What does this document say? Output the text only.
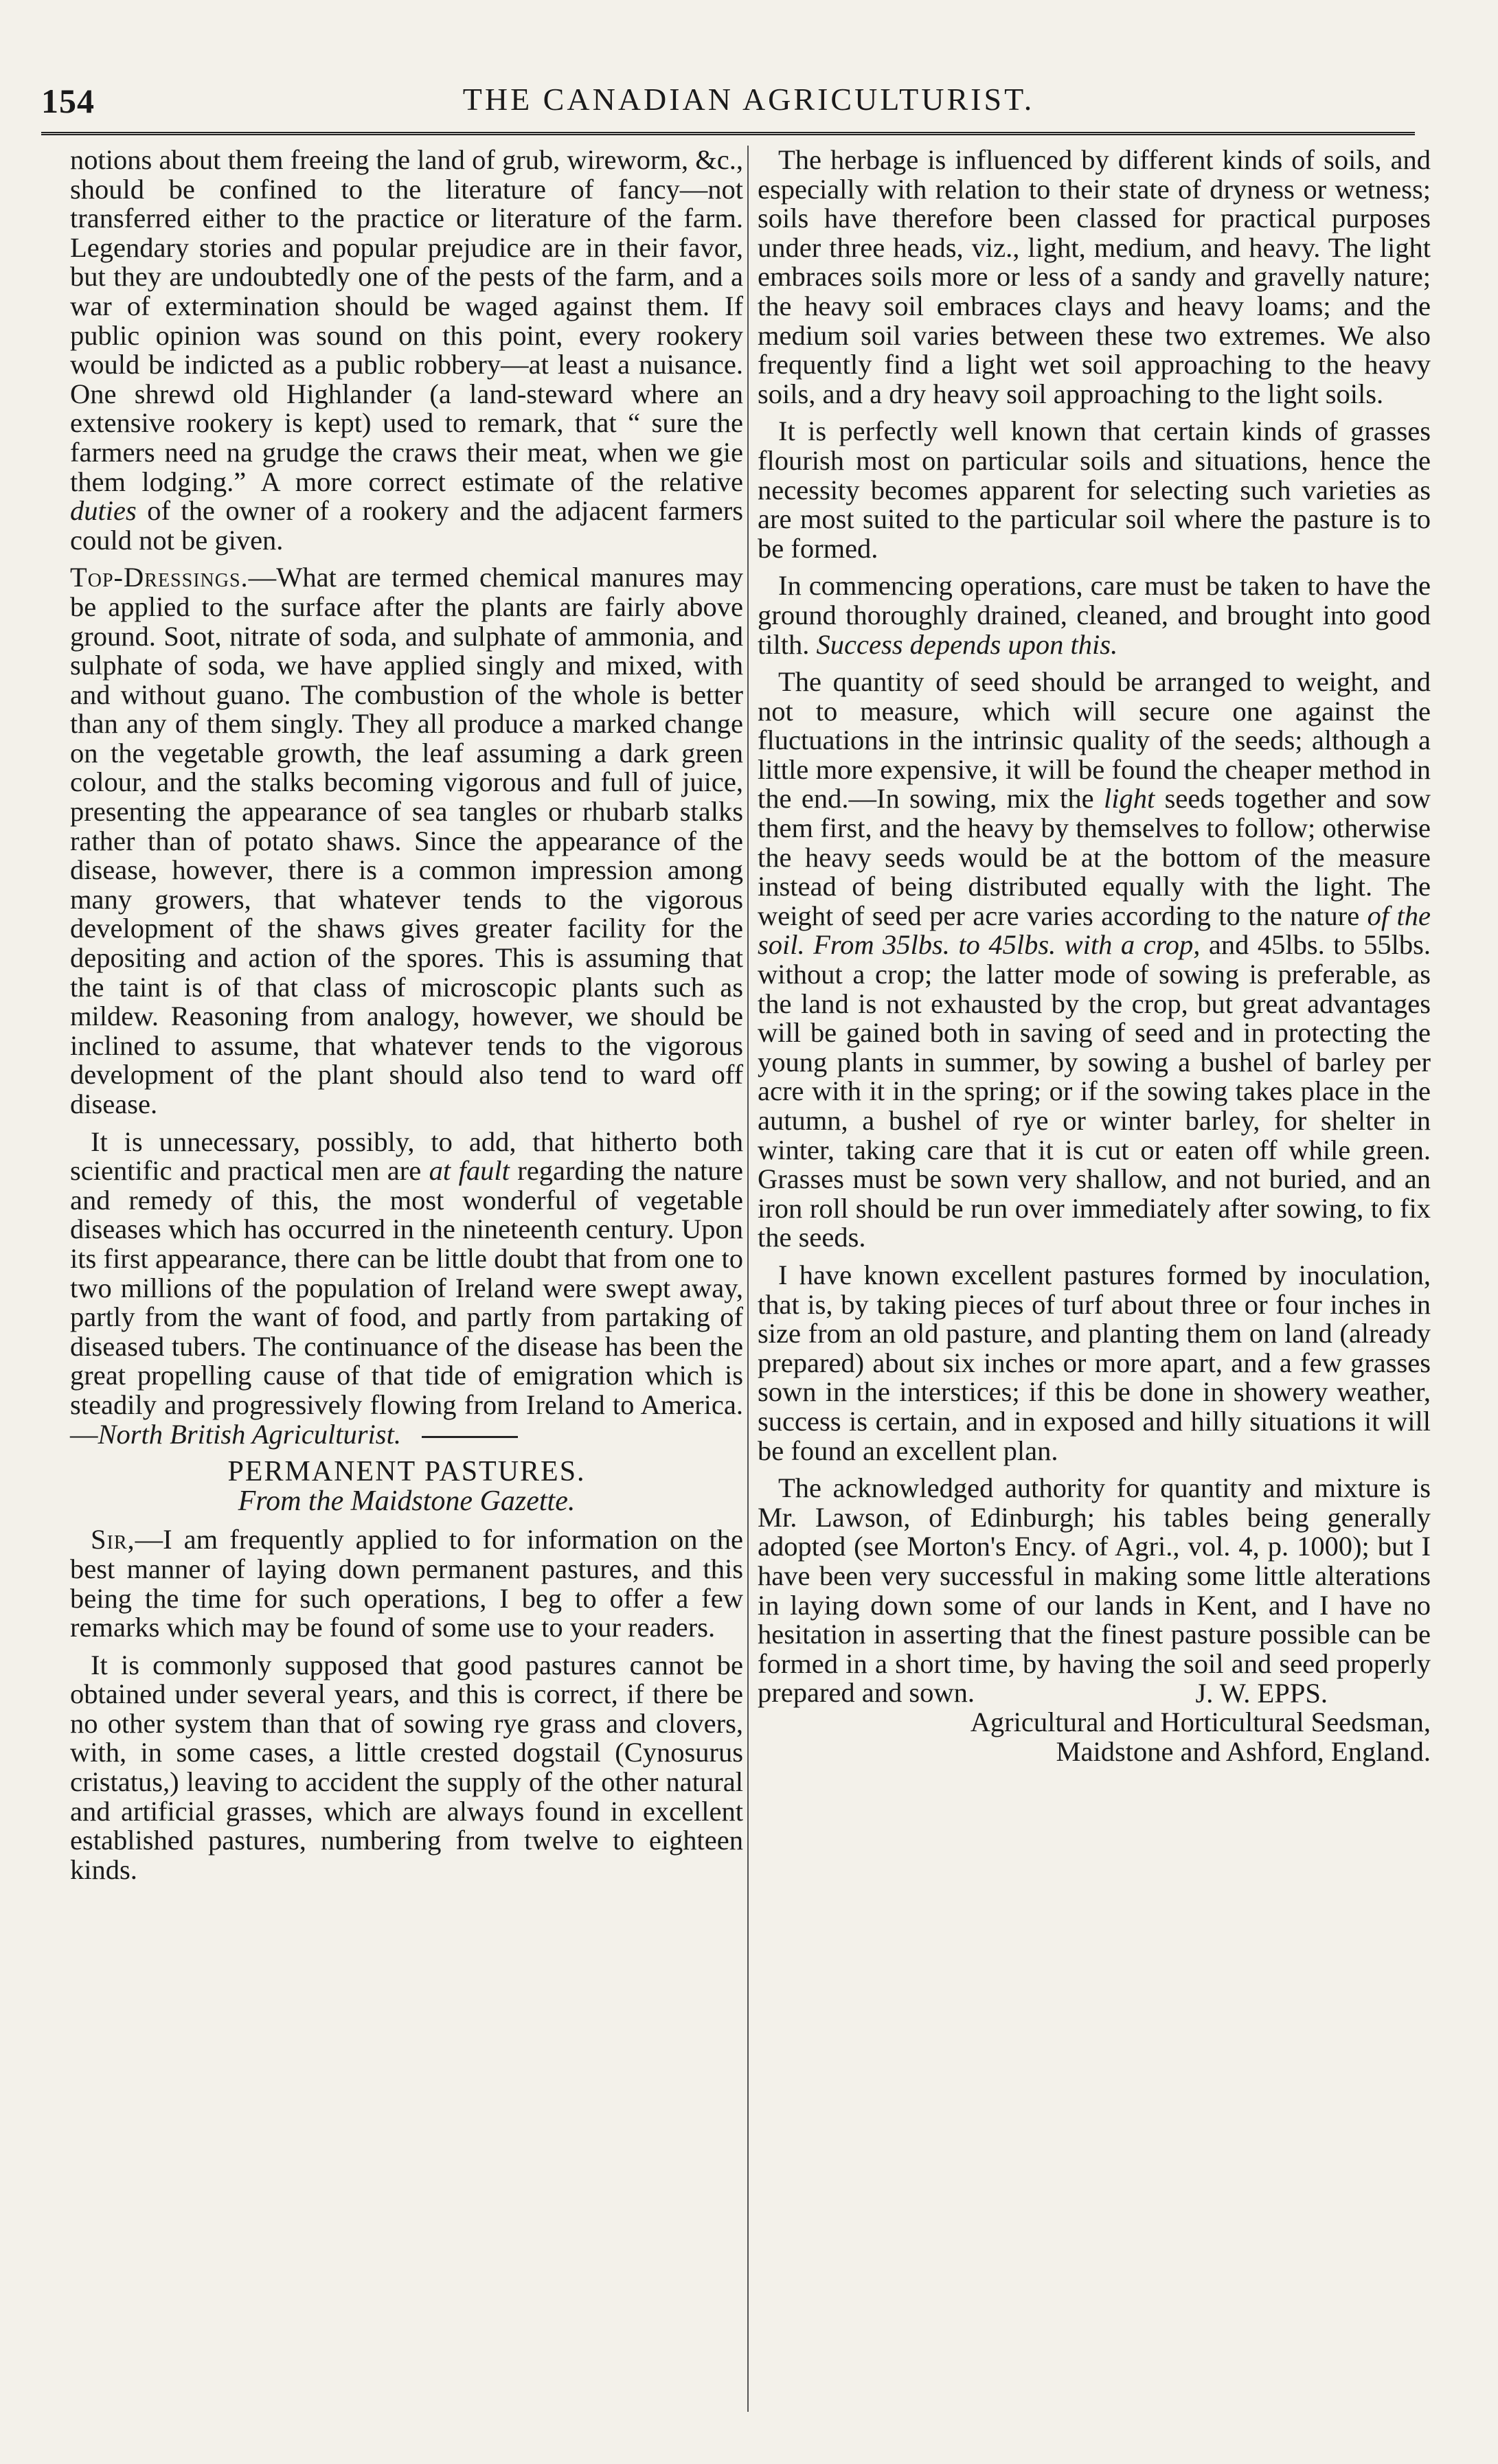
154	THE CANADIAN AGRICULTURIST.

notions about them freeing the land of grub, wireworm, &c., should be confined to the literature of fancy—not transferred either to the practice or literature of the farm. Legendary stories and popular prejudice are in their favor, but they are undoubtedly one of the pests of the farm, and a war of extermination should be waged against them. If public opinion was sound on this point, every rookery would be indicted as a public robbery—at least a nuisance. One shrewd old Highlander (a land-steward where an extensive rookery is kept) used to remark, that “ sure the farmers need na grudge the craws their meat, when we gie them lodging.” A more correct estimate of the relative duties of the owner of a rookery and the adjacent farmers could not be given.

Top-Dressings.—What are termed chemical manures may be applied to the surface after the plants are fairly above ground. Soot, nitrate of soda, and sulphate of ammonia, and sulphate of soda, we have applied singly and mixed, with and without guano. The combustion of the whole is better than any of them singly. They all produce a marked change on the vegetable growth, the leaf assuming a dark green colour, and the stalks becoming vigorous and full of juice, presenting the appearance of sea tangles or rhubarb stalks rather than of potato shaws. Since the appearance of the disease, however, there is a common impression among many growers, that whatever tends to the vigorous development of the shaws gives greater facility for the depositing and action of the spores. This is assuming that the taint is of that class of microscopic plants such as mildew. Reasoning from analogy, however, we should be inclined to assume, that whatever tends to the vigorous development of the plant should also tend to ward off disease.

It is unnecessary, possibly, to add, that hitherto both scientific and practical men are at fault regarding the nature and remedy of this, the most wonderful of vegetable diseases which has occurred in the nineteenth century. Upon its first appearance, there can be little doubt that from one to two millions of the population of Ireland were swept away, partly from the want of food, and partly from partaking of diseased tubers. The continuance of the disease has been the great propelling cause of that tide of emigration which is steadily and progressively flowing from Ireland to America.—North British Agriculturist.

PERMANENT PASTURES.
From the Maidstone Gazette.

Sir,—I am frequently applied to for information on the best manner of laying down permanent pastures, and this being the time for such operations, I beg to offer a few remarks which may be found of some use to your readers.

It is commonly supposed that good pastures cannot be obtained under several years, and this is correct, if there be no other system than that of sowing rye grass and clovers, with, in some cases, a little crested dogstail (Cynosurus cristatus,) leaving to accident the supply of the other natural and artificial grasses, which are always found in excellent established pastures, numbering from twelve to eighteen kinds.

The herbage is influenced by different kinds of soils, and especially with relation to their state of dryness or wetness; soils have therefore been classed for practical purposes under three heads, viz., light, medium, and heavy. The light embraces soils more or less of a sandy and gravelly nature; the heavy soil embraces clays and heavy loams; and the medium soil varies between these two extremes. We also frequently find a light wet soil approaching to the heavy soils, and a dry heavy soil approaching to the light soils.

It is perfectly well known that certain kinds of grasses flourish most on particular soils and situations, hence the necessity becomes apparent for selecting such varieties as are most suited to the particular soil where the pasture is to be formed.

In commencing operations, care must be taken to have the ground thoroughly drained, cleaned, and brought into good tilth. Success depends upon this.

The quantity of seed should be arranged to weight, and not to measure, which will secure one against the fluctuations in the intrinsic quality of the seeds; although a little more expensive, it will be found the cheaper method in the end.—In sowing, mix the light seeds together and sow them first, and the heavy by themselves to follow; otherwise the heavy seeds would be at the bottom of the measure instead of being distributed equally with the light. The weight of seed per acre varies according to the nature of the soil. From 35lbs. to 45lbs. with a crop, and 45lbs. to 55lbs. without a crop; the latter mode of sowing is preferable, as the land is not exhausted by the crop, but great advantages will be gained both in saving of seed and in protecting the young plants in summer, by sowing a bushel of barley per acre with it in the spring; or if the sowing takes place in the autumn, a bushel of rye or winter barley, for shelter in winter, taking care that it is cut or eaten off while green. Grasses must be sown very shallow, and not buried, and an iron roll should be run over immediately after sowing, to fix the seeds.

I have known excellent pastures formed by inoculation, that is, by taking pieces of turf about three or four inches in size from an old pasture, and planting them on land (already prepared) about six inches or more apart, and a few grasses sown in the interstices; if this be done in showery weather, success is certain, and in exposed and hilly situations it will be found an excellent plan.

The acknowledged authority for quantity and mixture is Mr. Lawson, of Edinburgh; his tables being generally adopted (see Morton's Ency. of Agri., vol. 4, p. 1000); but I have been very successful in making some little alterations in laying down some of our lands in Kent, and I have no hesitation in asserting that the finest pasture possible can be formed in a short time, by having the soil and seed properly prepared and sown.	J. W. EPPS.
Agricultural and Horticultural Seedsman,
Maidstone and Ashford, England.
